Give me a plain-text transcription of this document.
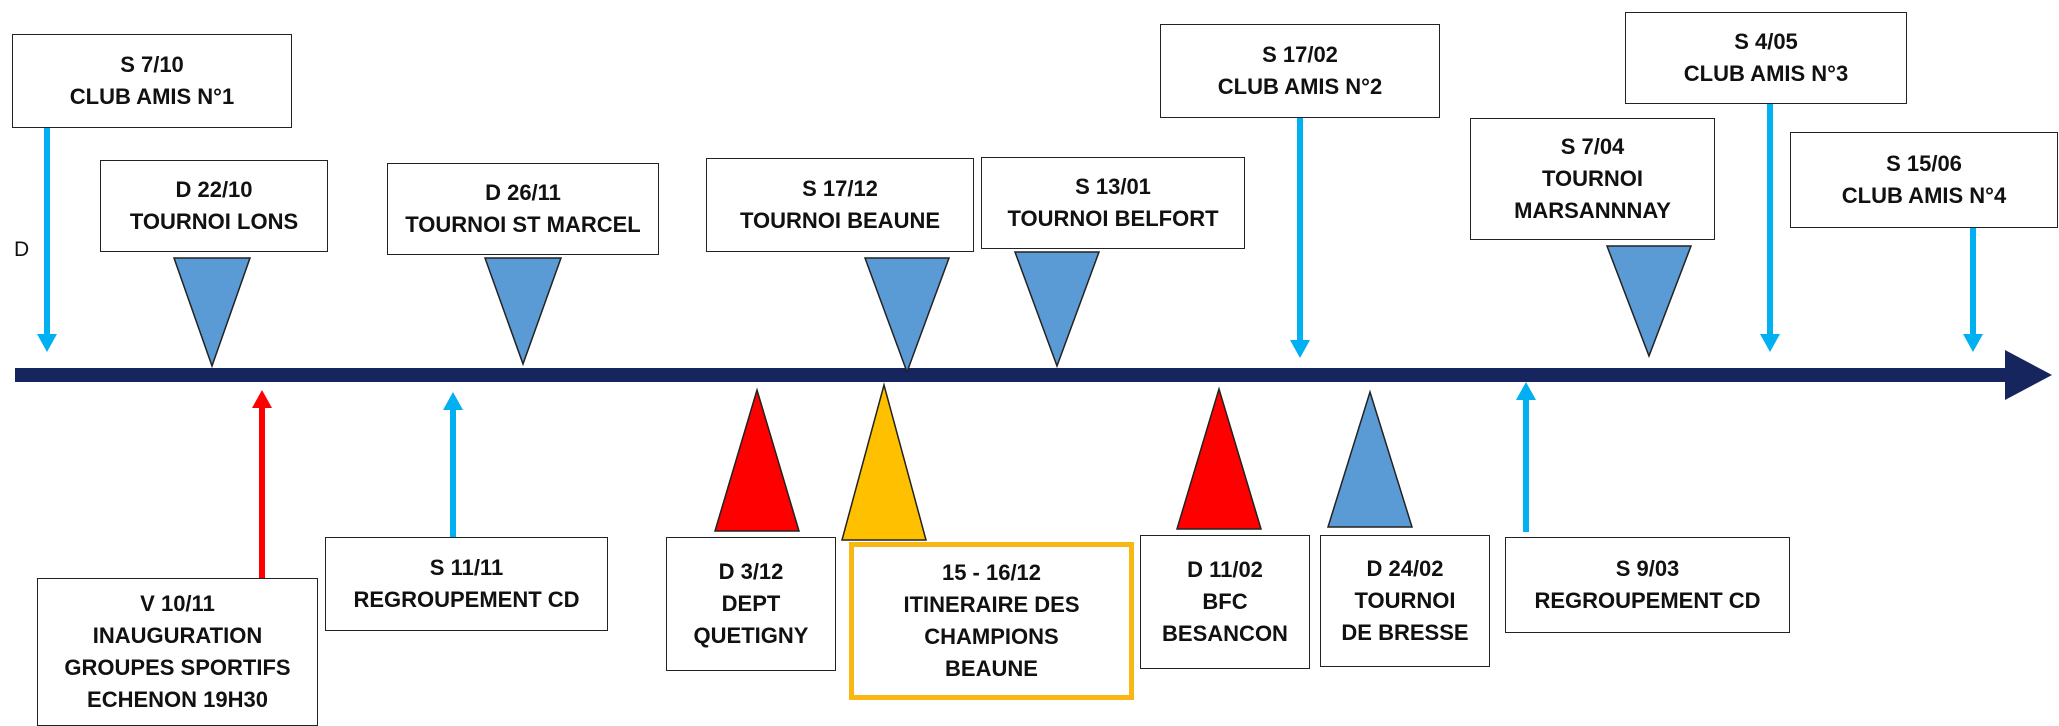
D
S 7/10
CLUB AMIS N°1
D 22/10
TOURNOI LONS
D 26/11
TOURNOI ST MARCEL
S 17/12
TOURNOI BEAUNE
S 13/01
TOURNOI BELFORT
S 17/02
CLUB AMIS N°2
S 7/04
TOURNOI
MARSANNNAY
S 4/05
CLUB AMIS N°3
S 15/06
CLUB AMIS N°4
V 10/11
INAUGURATION
GROUPES SPORTIFS
ECHENON 19H30
S 11/11
REGROUPEMENT CD
D 3/12
DEPT
QUETIGNY
15 - 16/12
ITINERAIRE DES
CHAMPIONS
BEAUNE
D 11/02
BFC
BESANCON
D 24/02
TOURNOI
DE BRESSE
S 9/03
REGROUPEMENT CD
